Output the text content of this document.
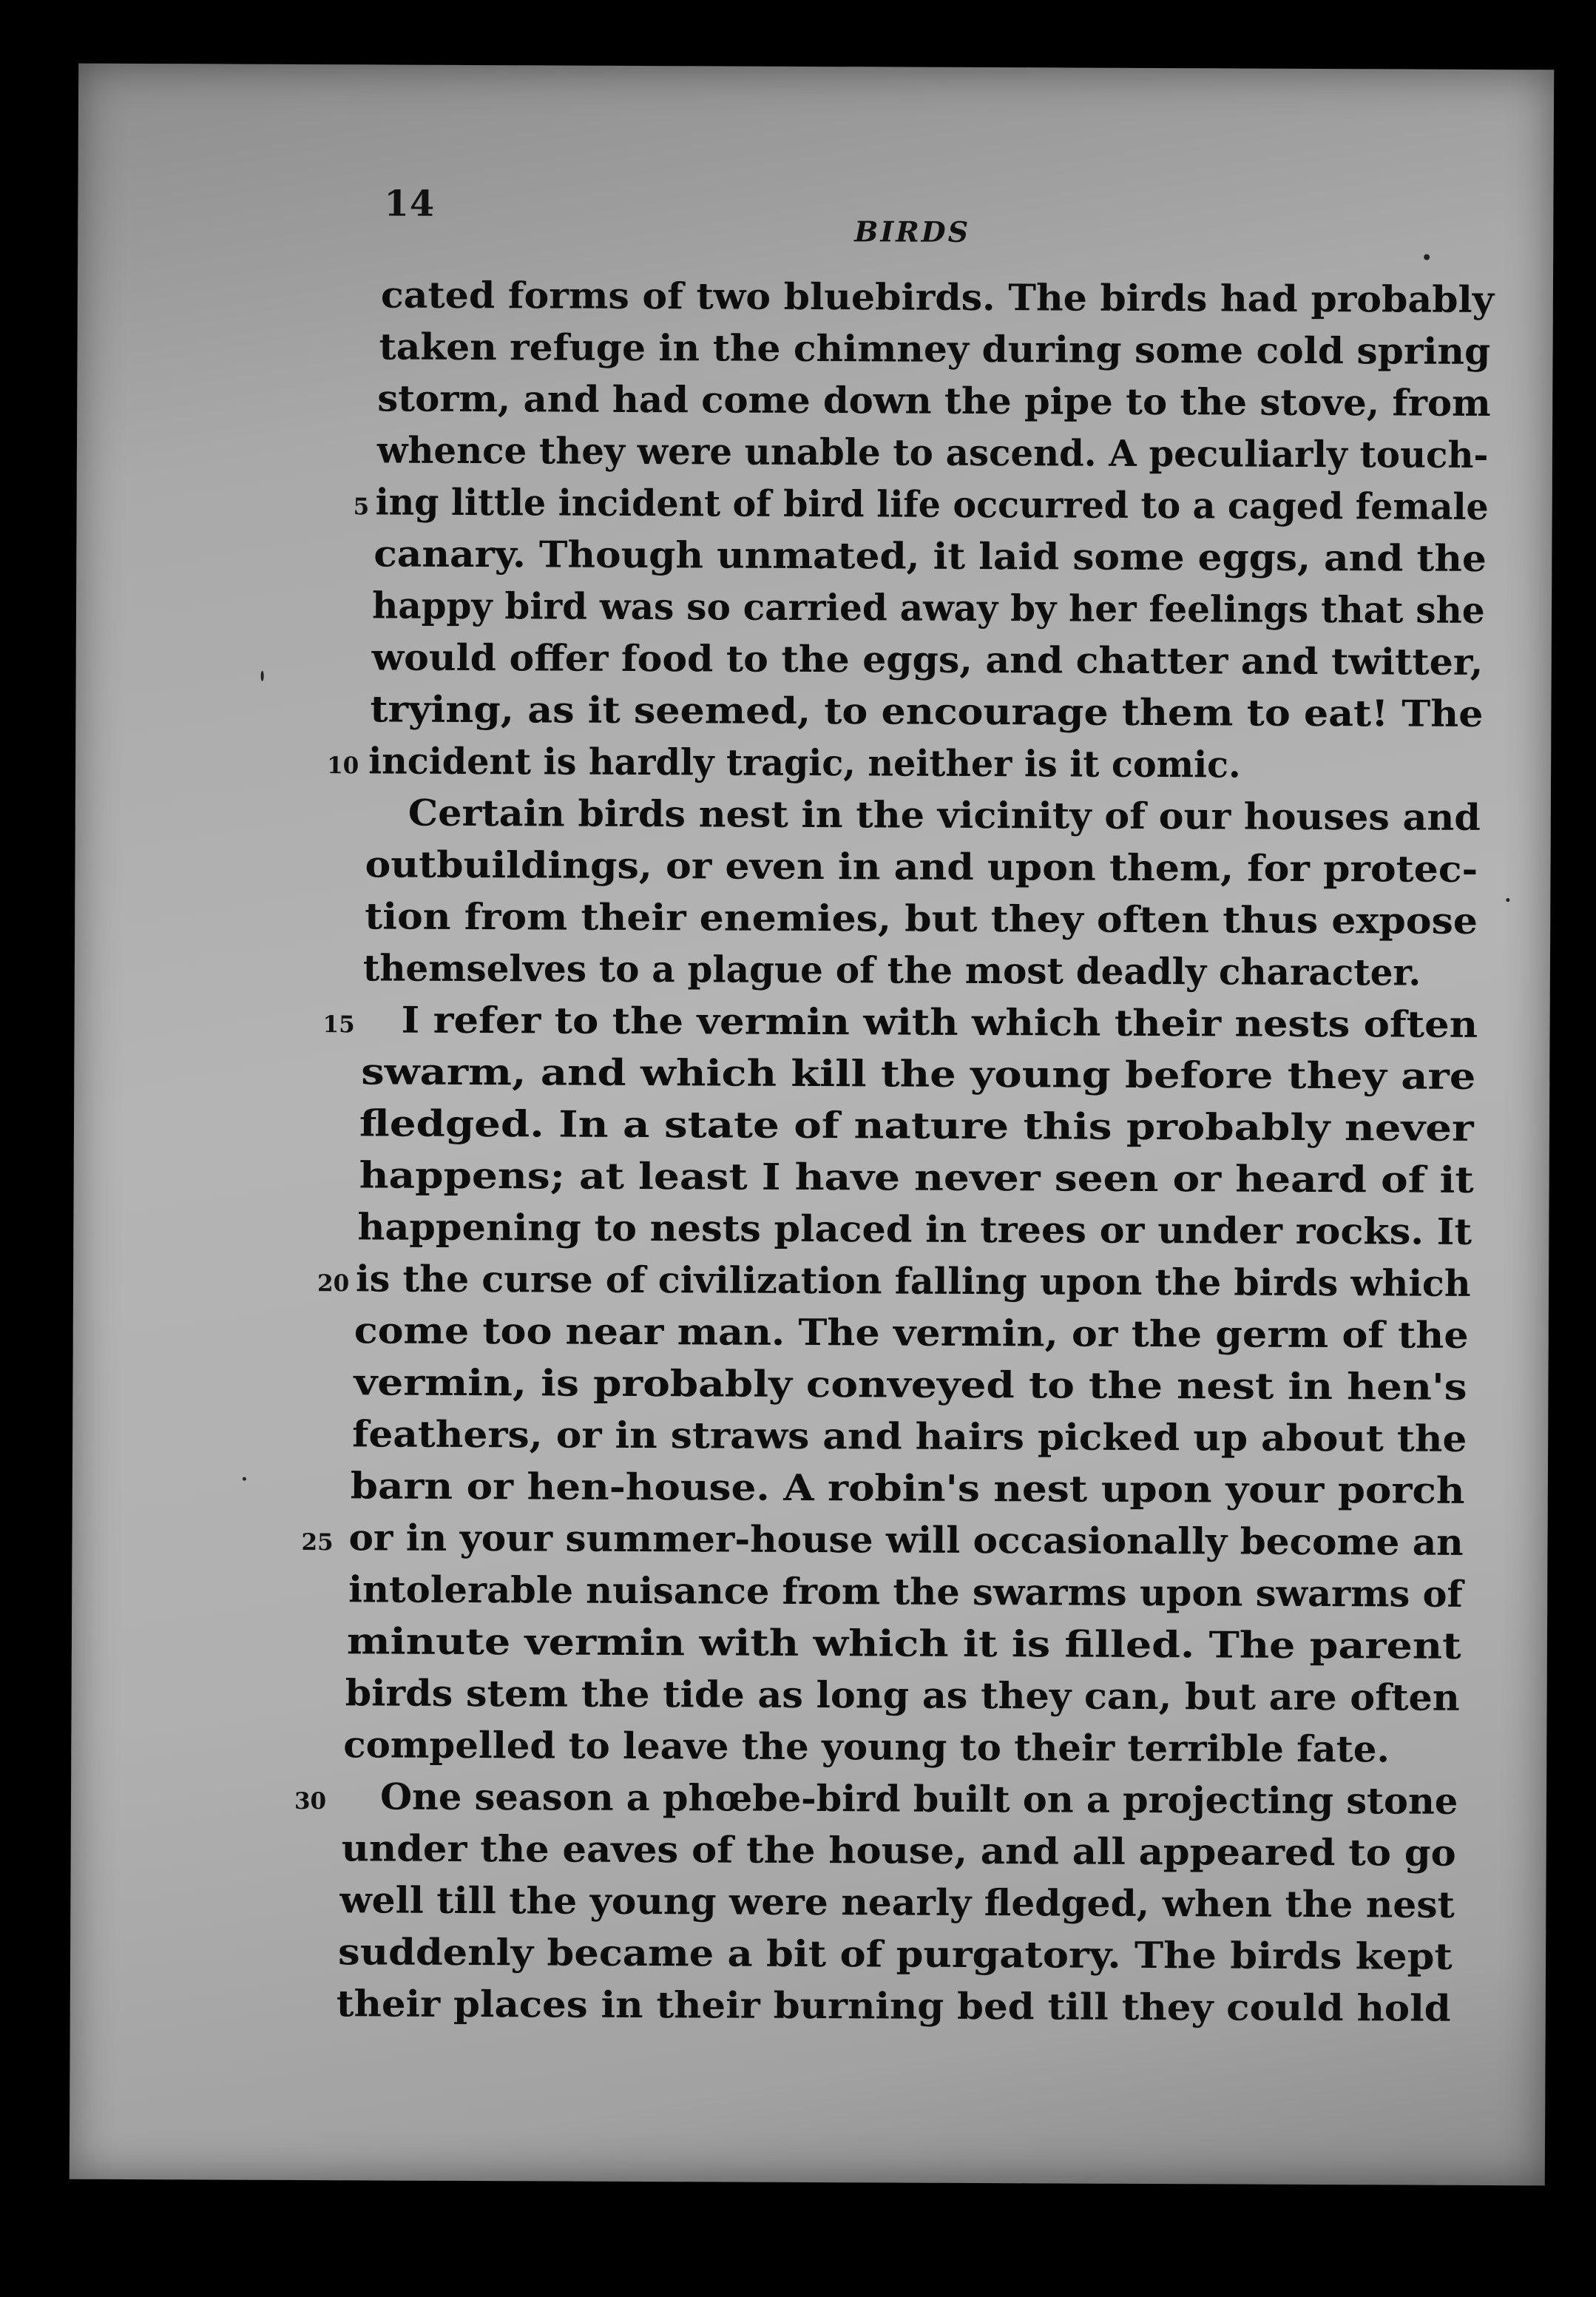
14
BIRDS
cated forms of two bluebirds. The birds had probably
taken refuge in the chimney during some cold spring
storm, and had come down the pipe to the stove, from
whence they were unable to ascend. A peculiarly touch-
ing little incident of bird life occurred to a caged female
canary. Though unmated, it laid some eggs, and the
happy bird was so carried away by her feelings that she
would offer food to the eggs, and chatter and twitter,
trying, as it seemed, to encourage them to eat! The
incident is hardly tragic, neither is it comic.
Certain birds nest in the vicinity of our houses and
outbuildings, or even in and upon them, for protec-
tion from their enemies, but they often thus expose
themselves to a plague of the most deadly character.
I refer to the vermin with which their nests often
swarm, and which kill the young before they are
fledged. In a state of nature this probably never
happens; at least I have never seen or heard of it
happening to nests placed in trees or under rocks. It
is the curse of civilization falling upon the birds which
come too near man. The vermin, or the germ of the
vermin, is probably conveyed to the nest in hen's
feathers, or in straws and hairs picked up about the
barn or hen-house. A robin's nest upon your porch
or in your summer-house will occasionally become an
intolerable nuisance from the swarms upon swarms of
minute vermin with which it is filled. The parent
birds stem the tide as long as they can, but are often
compelled to leave the young to their terrible fate.
One season a phœbe-bird built on a projecting stone
under the eaves of the house, and all appeared to go
well till the young were nearly fledged, when the nest
suddenly became a bit of purgatory. The birds kept
their places in their burning bed till they could hold
5
10
15
20
25
30
